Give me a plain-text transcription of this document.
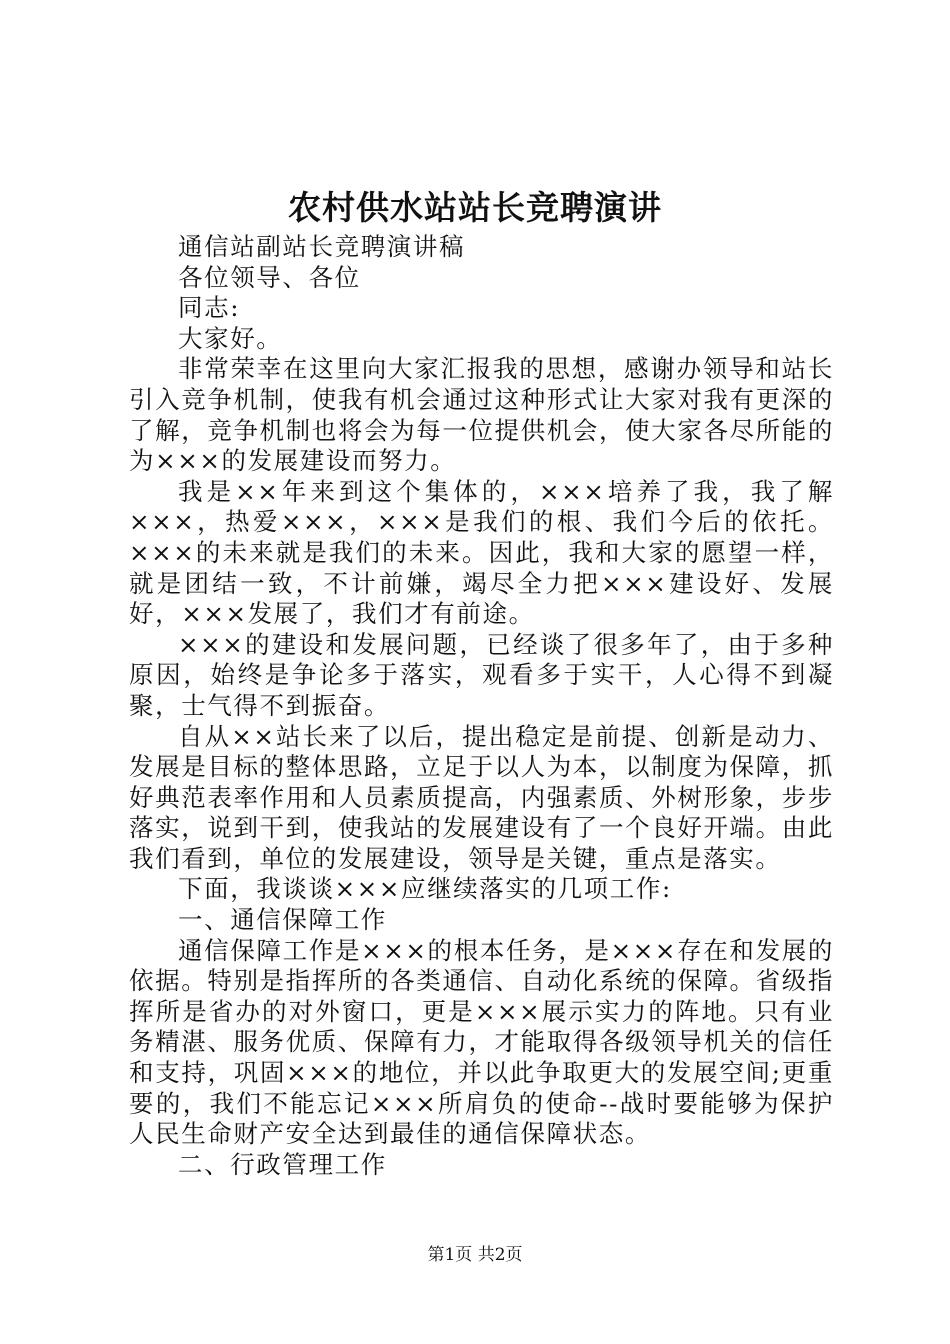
农村供水站站长竞聘演讲

通信站副站长竞聘演讲稿

各位领导、各位

同志:

大家好。

非常荣幸在这里向大家汇报我的思想，感谢办领导和站长引入竞争机制，使我有机会通过这种形式让大家对我有更深的了解，竞争机制也将会为每一位提供机会，使大家各尽所能的为×××的发展建设而努力。

我是××年来到这个集体的，×××培养了我，我了解×××，热爱×××，×××是我们的根、我们今后的依托。×××的未来就是我们的未来。因此，我和大家的愿望一样，就是团结一致，不计前嫌，竭尽全力把×××建设好、发展好，×××发展了，我们才有前途。

×××的建设和发展问题，已经谈了很多年了，由于多种原因，始终是争论多于落实，观看多于实干，人心得不到凝聚，士气得不到振奋。

自从××站长来了以后，提出稳定是前提、创新是动力、发展是目标的整体思路，立足于以人为本，以制度为保障，抓好典范表率作用和人员素质提高，内强素质、外树形象，步步落实，说到干到，使我站的发展建设有了一个良好开端。由此我们看到，单位的发展建设，领导是关键，重点是落实。

下面，我谈谈×××应继续落实的几项工作:

一、通信保障工作

通信保障工作是×××的根本任务，是×××存在和发展的依据。特别是指挥所的各类通信、自动化系统的保障。省级指挥所是省办的对外窗口，更是×××展示实力的阵地。只有业务精湛、服务优质、保障有力，才能取得各级领导机关的信任和支持，巩固×××的地位，并以此争取更大的发展空间;更重要的，我们不能忘记×××所肩负的使命--战时要能够为保护人民生命财产安全达到最佳的通信保障状态。

二、行政管理工作

第1页 共2页
